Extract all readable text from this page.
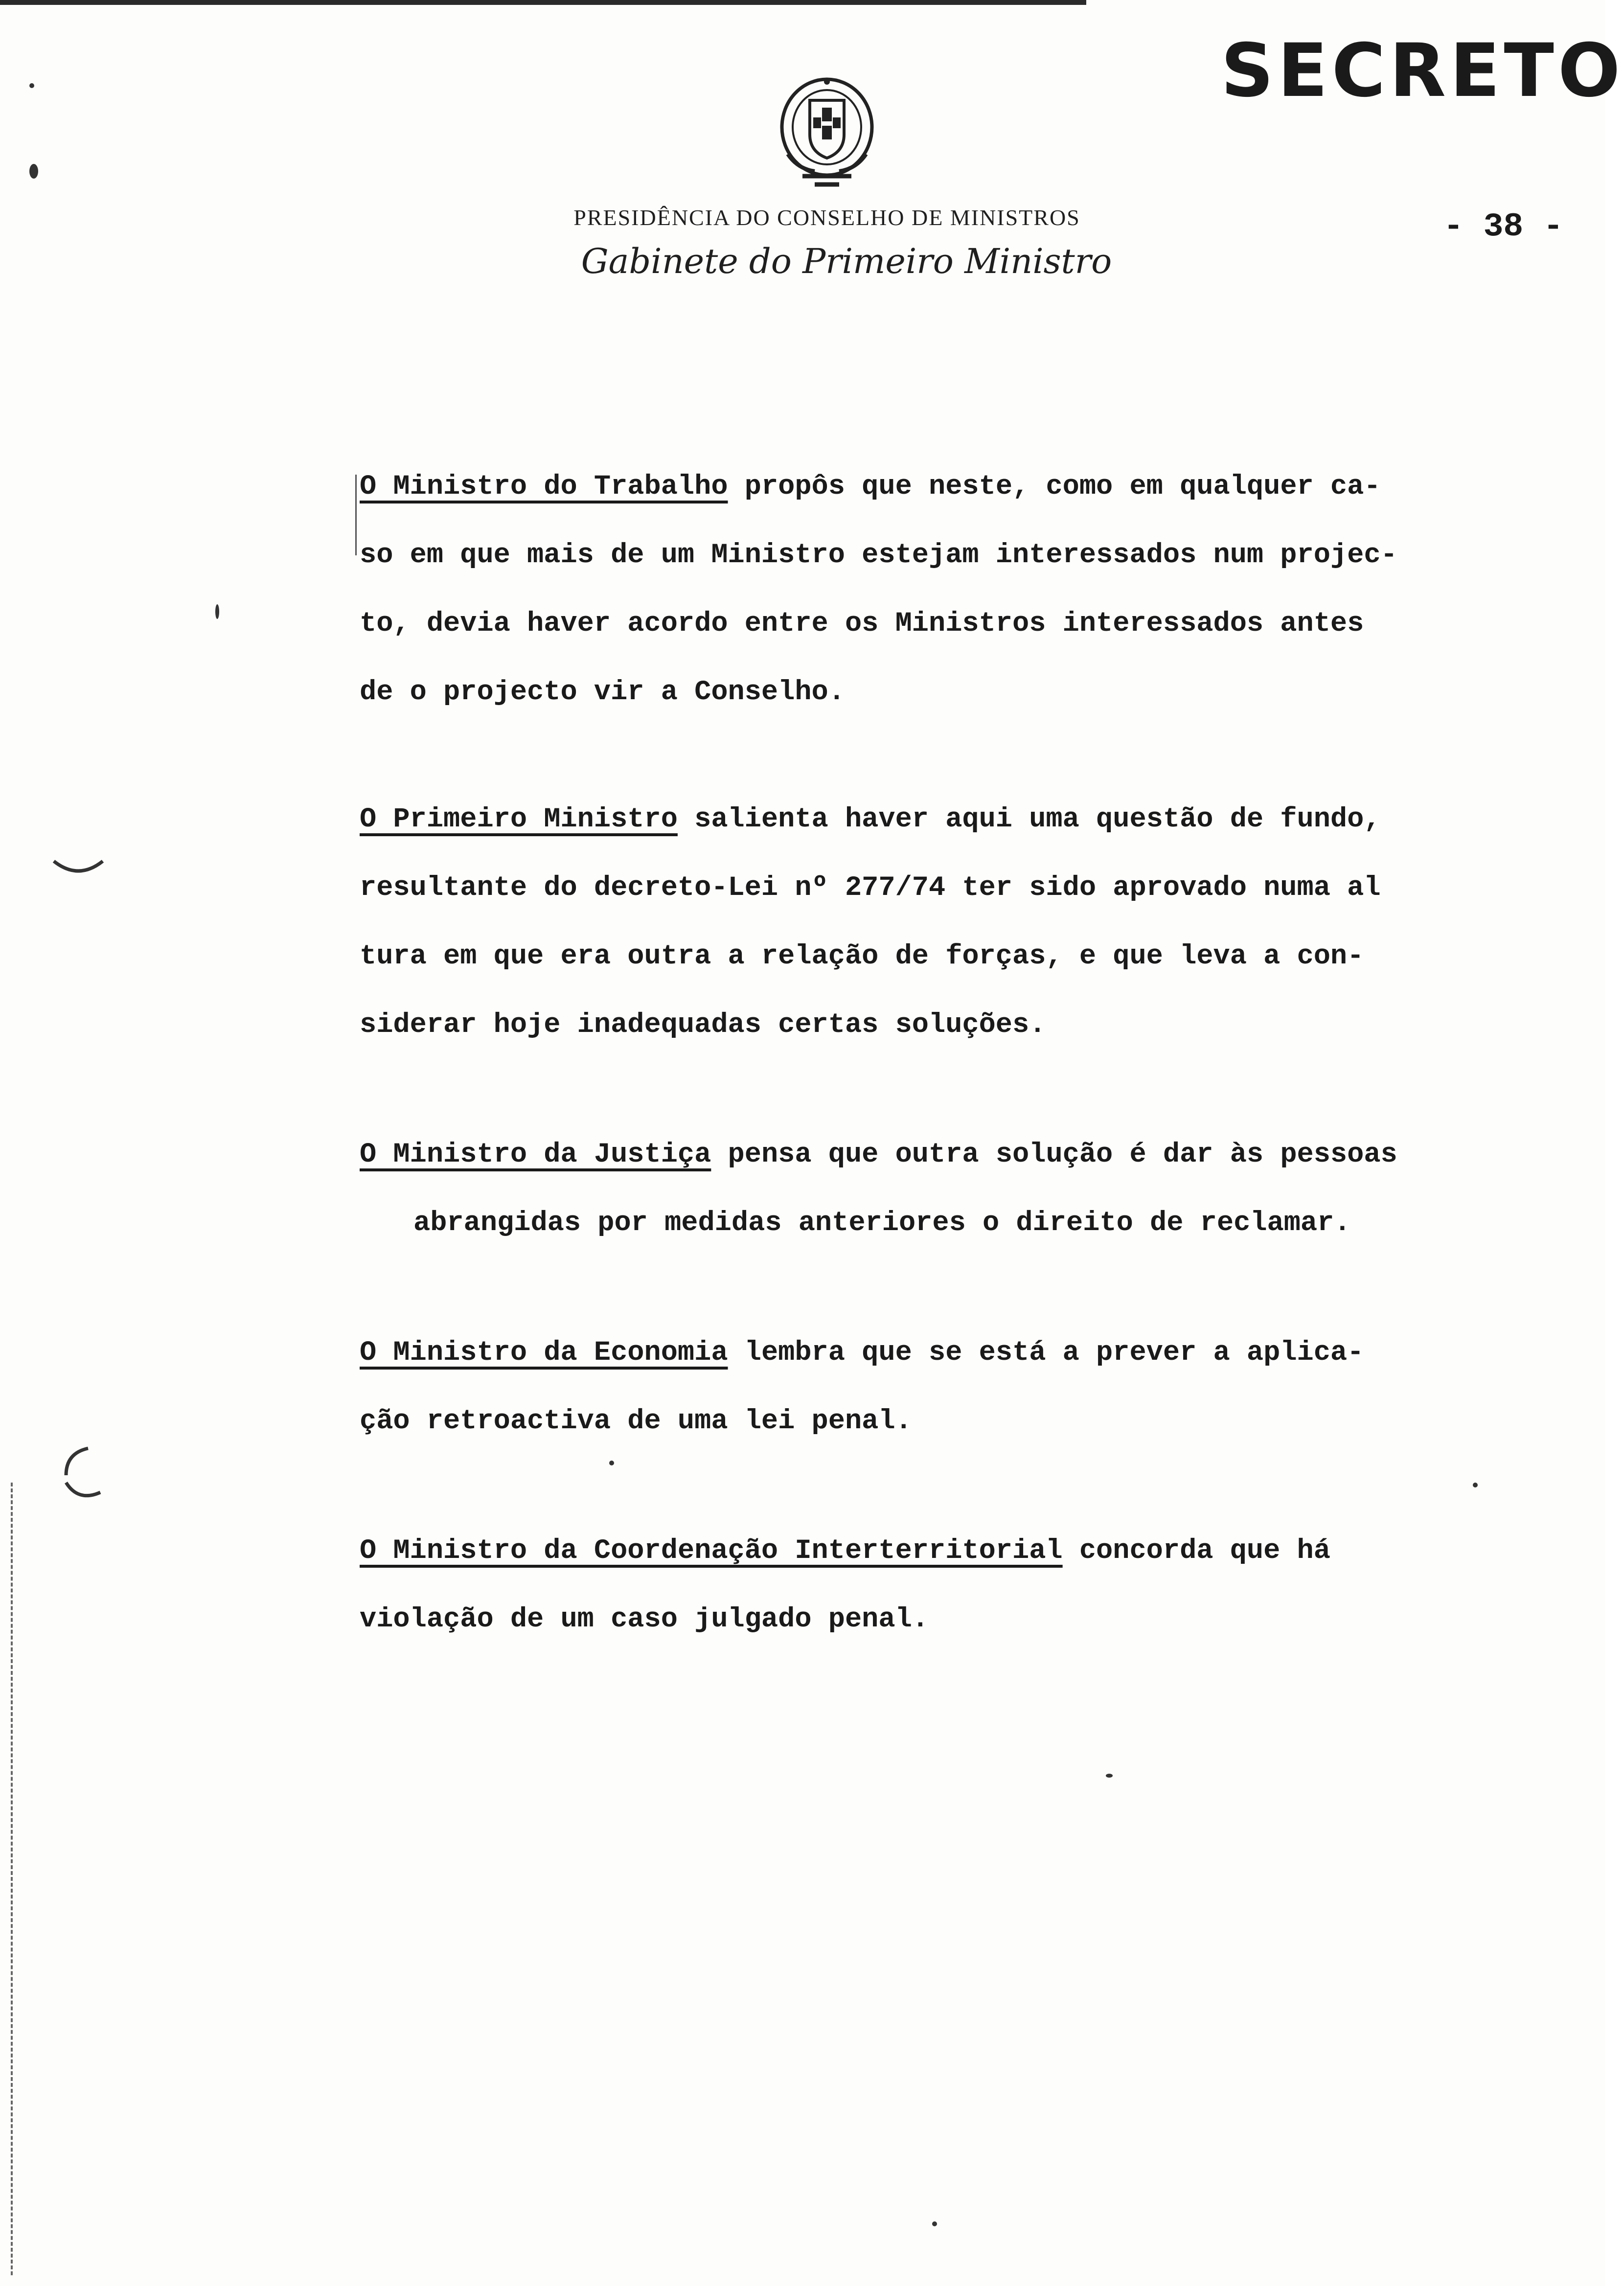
SECRETO
- 38 -
PRESIDÊNCIA DO CONSELHO DE MINISTROS
Gabinete do Primeiro Ministro
O Ministro do Trabalho propôs que neste, como em qualquer ca-
so em que mais de um Ministro estejam interessados num projec-
to, devia haver acordo entre os Ministros interessados antes
de o projecto vir a Conselho.
O Primeiro Ministro salienta haver aqui uma questão de fundo,
resultante do decreto-Lei nº 277/74 ter sido aprovado numa al
tura em que era outra a relação de forças, e que leva a con-
siderar hoje inadequadas certas soluções.
O Ministro da Justiça pensa que outra solução é dar às pessoas
abrangidas por medidas anteriores o direito de reclamar.
O Ministro da Economia lembra que se está a prever a aplica-
ção retroactiva de uma lei penal.
O Ministro da Coordenação Interterritorial concorda que há
violação de um caso julgado penal.
